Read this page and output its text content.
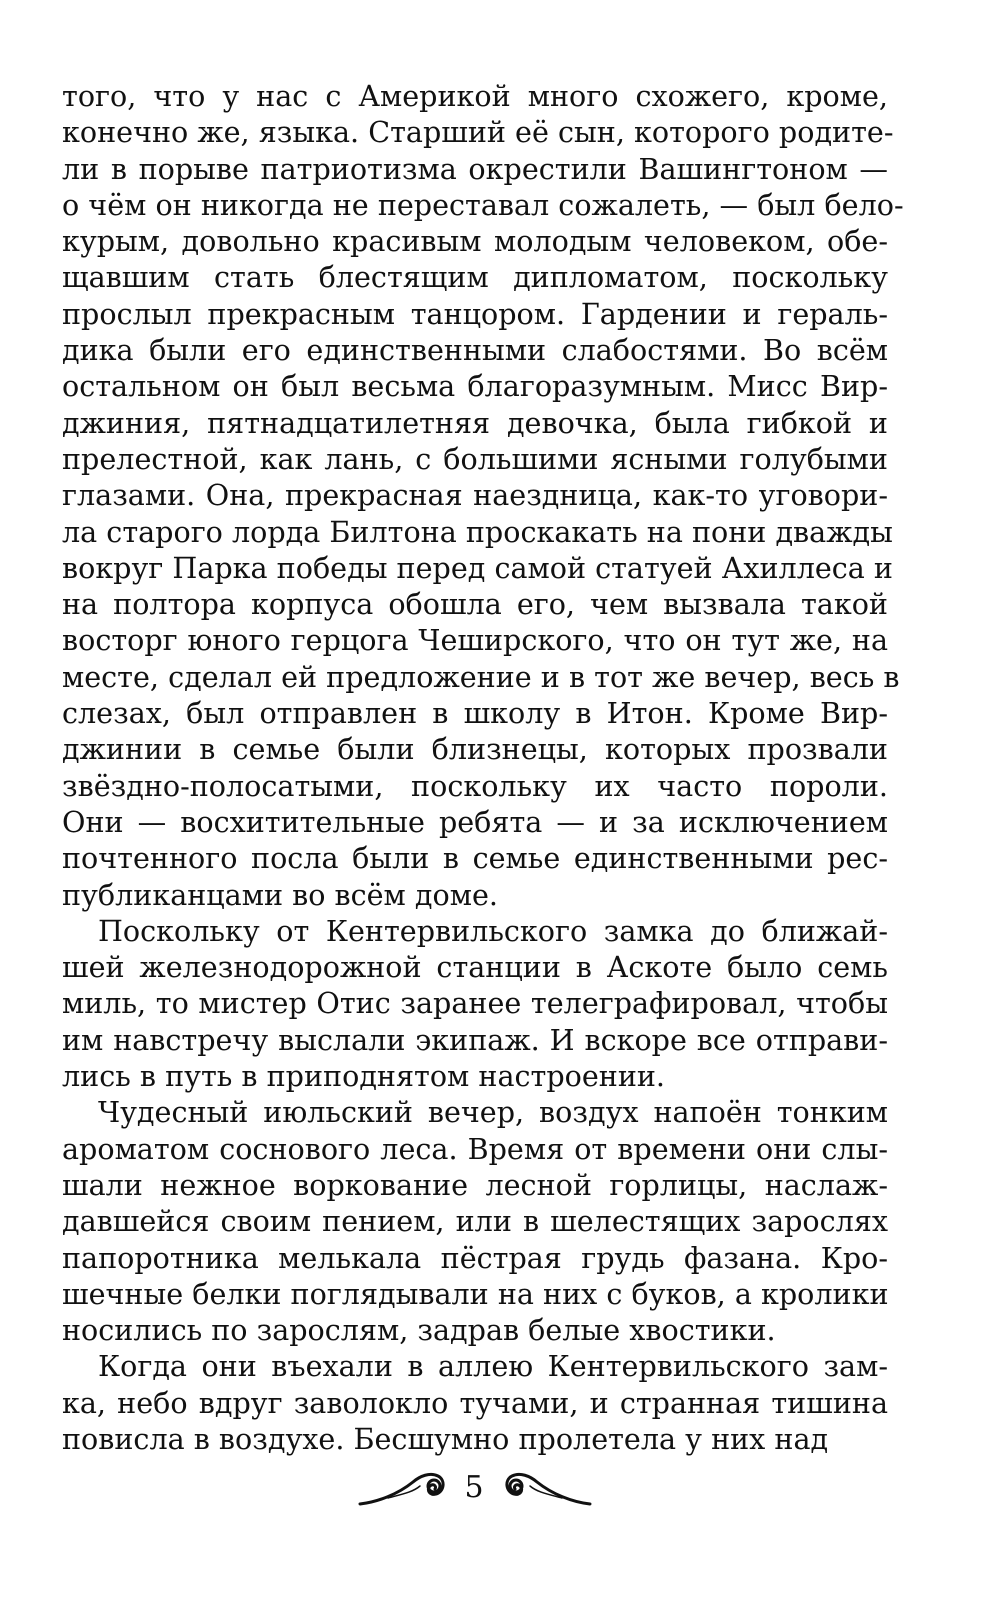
того, что у нас с Америкой много схожего, кроме,
конечно же, языка. Старший её сын, которого родите-
ли в порыве патриотизма окрестили Вашингтоном —
о чём он никогда не переставал сожалеть, — был бело-
курым, довольно красивым молодым человеком, обе-
щавшим стать блестящим дипломатом, поскольку
прослыл прекрасным танцором. Гардении и гераль-
дика были его единственными слабостями. Во всём
остальном он был весьма благоразумным. Мисс Вир-
джиния, пятнадцатилетняя девочка, была гибкой и
прелестной, как лань, с большими ясными голубыми
глазами. Она, прекрасная наездница, как-то уговори-
ла старого лорда Билтона проскакать на пони дважды
вокруг Парка победы перед самой статуей Ахиллеса и
на полтора корпуса обошла его, чем вызвала такой
восторг юного герцога Чеширского, что он тут же, на
месте, сделал ей предложение и в тот же вечер, весь в
слезах, был отправлен в школу в Итон. Кроме Вир-
джинии в семье были близнецы, которых прозвали
звёздно-полосатыми, поскольку их часто пороли.
Они — восхитительные ребята — и за исключением
почтенного посла были в семье единственными рес-
публиканцами во всём доме.
Поскольку от Кентервильского замка до ближай-
шей железнодорожной станции в Аскоте было семь
миль, то мистер Отис заранее телеграфировал, чтобы
им навстречу выслали экипаж. И вскоре все отправи-
лись в путь в приподнятом настроении.
Чудесный июльский вечер, воздух напоён тонким
ароматом соснового леса. Время от времени они слы-
шали нежное воркование лесной горлицы, наслаж-
давшейся своим пением, или в шелестящих зарослях
папоротника мелькала пёстрая грудь фазана. Кро-
шечные белки поглядывали на них с буков, а кролики
носились по зарослям, задрав белые хвостики.
Когда они въехали в аллею Кентервильского зам-
ка, небо вдруг заволокло тучами, и странная тишина
повисла в воздухе. Бесшумно пролетела у них над
5
